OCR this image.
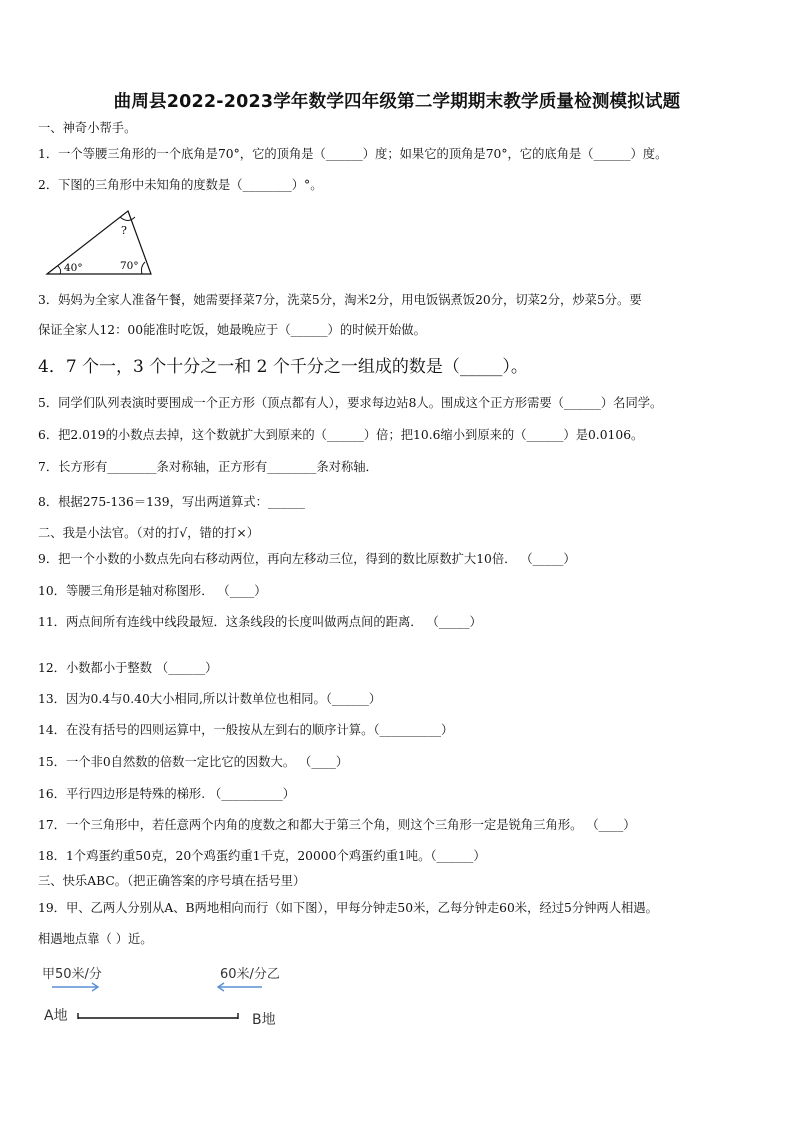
曲周县2022-2023学年数学四年级第二学期期末教学质量检测模拟试题
一、神奇小帮手。
1．一个等腰三角形的一个底角是70°，它的顶角是（______）度；如果它的顶角是70°，它的底角是（______）度。
2．下图的三角形中未知角的度数是（________）°。
?
40°	70°
3．妈妈为全家人准备午餐，她需要择菜7分，洗菜5分，淘米2分，用电饭锅煮饭20分，切菜2分，炒菜5分。要
保证全家人12：00能准时吃饭，她最晚应于（______）的时候开始做。
4．7 个一，3 个十分之一和 2 个千分之一组成的数是（_____）。
5．同学们队列表演时要围成一个正方形（顶点都有人），要求每边站8人。围成这个正方形需要（______）名同学。
6．把2.019的小数点去掉，这个数就扩大到原来的（______）倍；把10.6缩小到原来的（______）是0.0106。
7．长方形有________条对称轴，正方形有________条对称轴．
8．根据275-136＝139，写出两道算式：______
二、我是小法官。（对的打√，错的打×）
9．把一个小数的小数点先向右移动两位，再向左移动三位，得到的数比原数扩大10倍． （_____）
10．等腰三角形是轴对称图形． （____）
11．两点间所有连线中线段最短．这条线段的长度叫做两点间的距离． （_____）
12．小数都小于整数 （______）
13．因为0.4与0.40大小相同,所以计数单位也相同。（______）
14．在没有括号的四则运算中，一般按从左到右的顺序计算。（__________）
15．一个非0自然数的倍数一定比它的因数大。 （____）
16．平行四边形是特殊的梯形. （__________）
17．一个三角形中，若任意两个内角的度数之和都大于第三个角，则这个三角形一定是锐角三角形。 （____）
18．1个鸡蛋约重50克，20个鸡蛋约重1千克，20000个鸡蛋约重1吨。（______）
三、快乐ABC。（把正确答案的序号填在括号里）
19．甲、乙两人分别从A、B两地相向而行（如下图），甲每分钟走50米，乙每分钟走60米，经过5分钟两人相遇。
相遇地点靠（ ）近。
甲50米/分	60米/分乙
A地	B地
